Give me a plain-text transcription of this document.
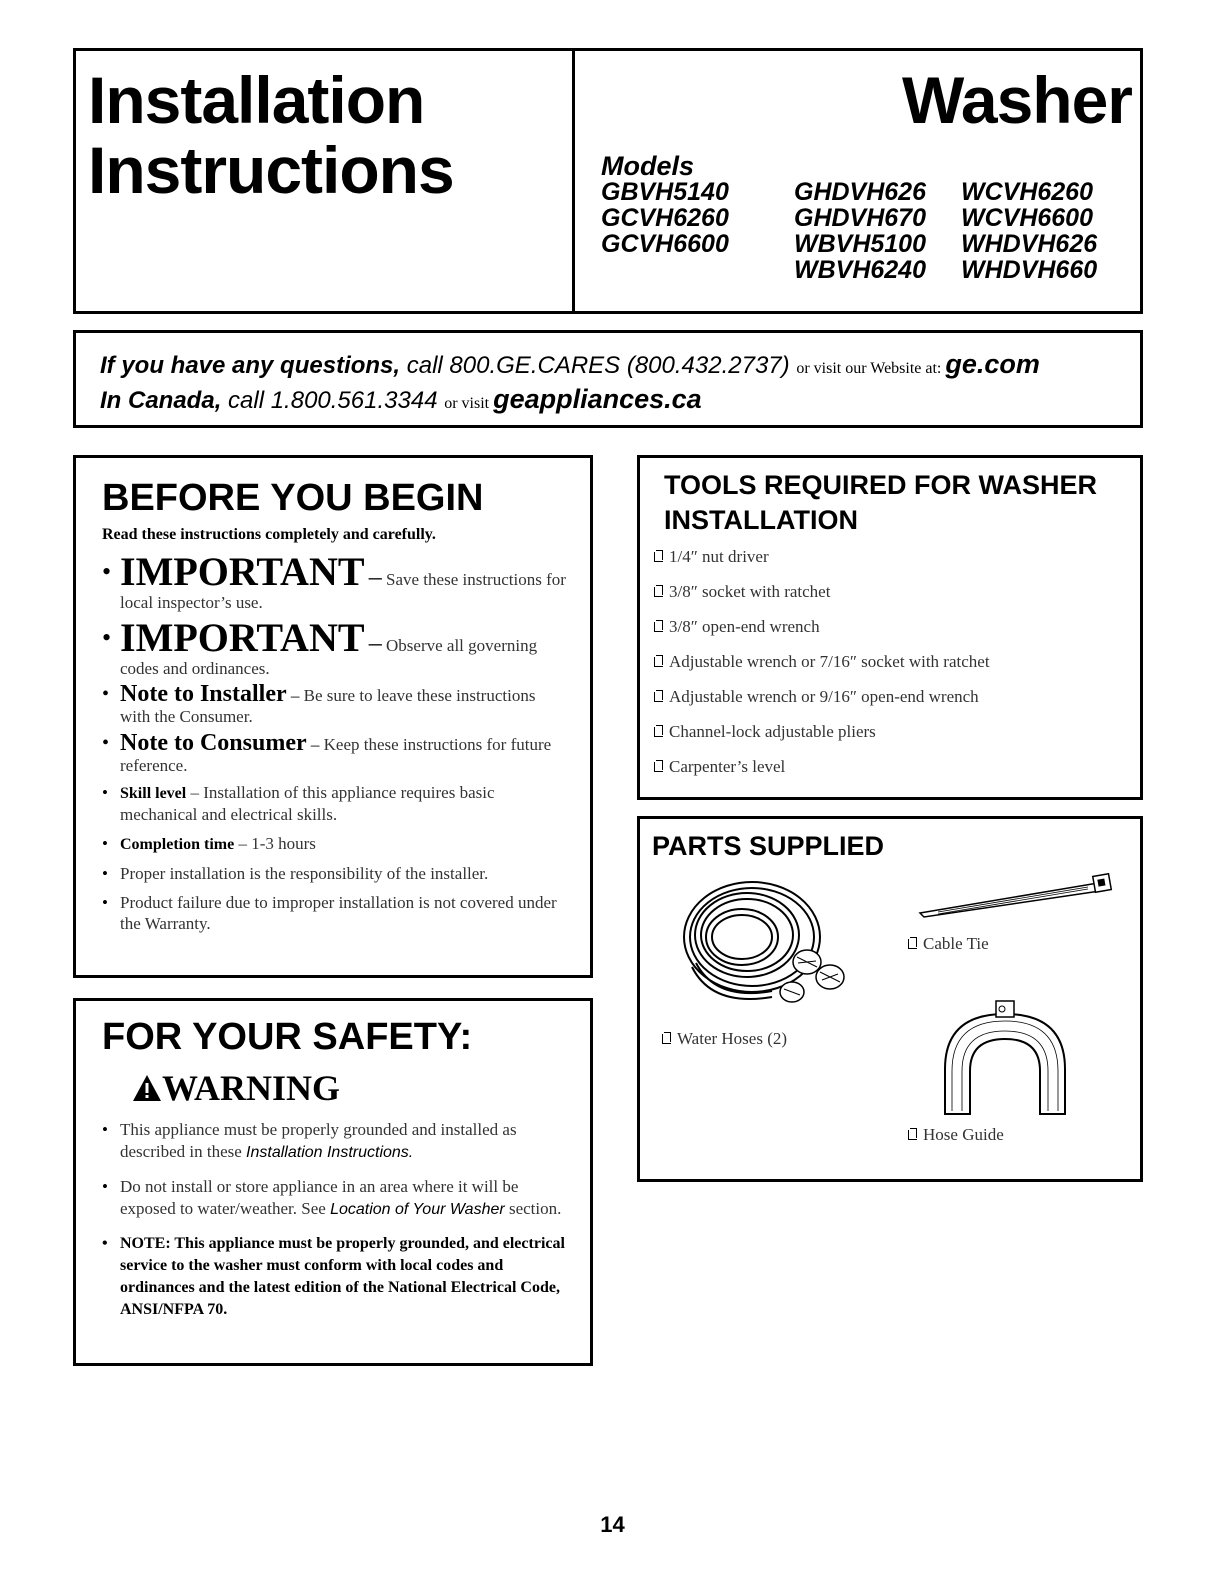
Installation
Instructions
Washer
Models
GBVH5140
GCVH6260
GCVH6600
GHDVH626
GHDVH670
WBVH5100
WBVH6240
WCVH6260
WCVH6600
WHDVH626
WHDVH660
If you have any questions, call 800.GE.CARES (800.432.2737) or visit our Website at: ge.com
In Canada, call 1.800.561.3344 or visit geappliances.ca
BEFORE YOU BEGIN

Read these instructions completely and carefully.

• IMPORTANT – Save these instructions for local inspector’s use.
• IMPORTANT – Observe all governing codes and ordinances.
• Note to Installer – Be sure to leave these instructions with the Consumer.
• Note to Consumer – Keep these instructions for future reference.
• Skill level – Installation of this appliance requires basic mechanical and electrical skills.
• Completion time – 1-3 hours
• Proper installation is the responsibility of the installer.
• Product failure due to improper installation is not covered under the Warranty.
FOR YOUR SAFETY:
WARNING
• This appliance must be properly grounded and installed as described in these Installation Instructions.
• Do not install or store appliance in an area where it will be exposed to water/weather. See Location of Your Washer section.
• NOTE: This appliance must be properly grounded, and electrical service to the washer must conform with local codes and ordinances and the latest edition of the National Electrical Code, ANSI/NFPA 70.
TOOLS REQUIRED FOR WASHER INSTALLATION
1/4″ nut driver
3/8″ socket with ratchet
3/8″ open-end wrench
Adjustable wrench or 7/16″ socket with ratchet
Adjustable wrench or 9/16″ open-end wrench
Channel-lock adjustable pliers
Carpenter’s level
PARTS SUPPLIED
Water Hoses (2)
Cable Tie
Hose Guide
14
